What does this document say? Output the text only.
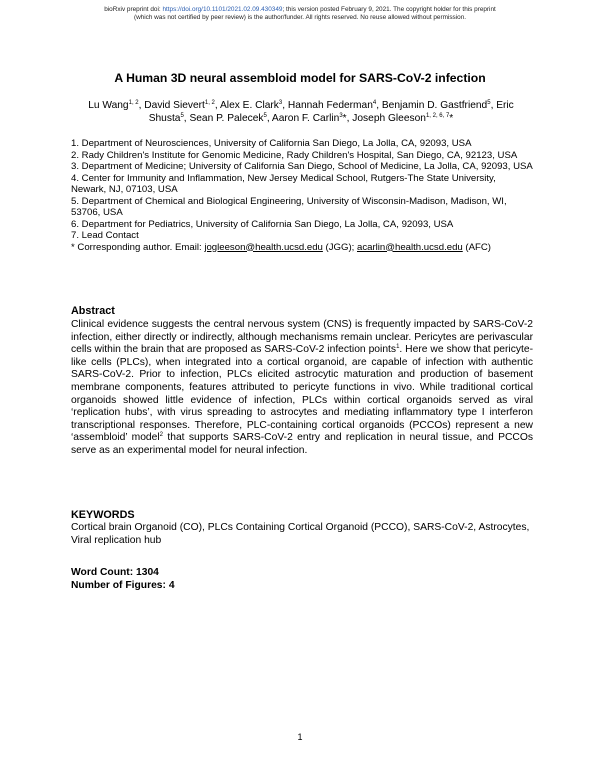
bioRxiv preprint doi: https://doi.org/10.1101/2021.02.09.430349; this version posted February 9, 2021. The copyright holder for this preprint
(which was not certified by peer review) is the author/funder. All rights reserved. No reuse allowed without permission.
A Human 3D neural assembloid model for SARS-CoV-2 infection
Lu Wang$^{1, 2}$, David Sievert$^{1, 2}$, Alex E. Clark$^3$, Hannah Federman$^4$, Benjamin D. Gastfriend$^5$, Eric Shusta$^5$, Sean P. Palecek$^5$, Aaron F. Carlin$^3$*, Joseph Gleeson$^{1, 2, 6, 7}$*

1. Department of Neurosciences, University of California San Diego, La Jolla, CA, 92093, USA

2. Rady Children's Institute for Genomic Medicine, Rady Children's Hospital, San Diego, CA, 92123, USA

3. Department of Medicine; University of California San Diego, School of Medicine, La Jolla, CA, 92093, USA

4. Center for Immunity and Inflammation, New Jersey Medical School, Rutgers-The State University, Newark, NJ, 07103, USA

5. Department of Chemical and Biological Engineering, University of Wisconsin-Madison, Madison, WI, 53706, USA

6. Department for Pediatrics, University of California San Diego, La Jolla, CA, 92093, USA

7. Lead Contact

* Corresponding author. Email: jogleeson@health.ucsd.edu (JGG); acarlin@health.ucsd.edu (AFC)

Abstract

Clinical evidence suggests the central nervous system (CNS) is frequently impacted by SARS-CoV-2 infection, either directly or indirectly, although mechanisms remain unclear. Pericytes are perivascular cells within the brain that are proposed as SARS-CoV-2 infection points$^1$. Here we show that pericyte-like cells (PLCs), when integrated into a cortical organoid, are capable of infection with authentic SARS-CoV-2. Prior to infection, PLCs elicited astrocytic maturation and production of basement membrane components, features attributed to pericyte functions in vivo. While traditional cortical organoids showed little evidence of infection, PLCs within cortical organoids served as viral ‘replication hubs’, with virus spreading to astrocytes and mediating inflammatory type I interferon transcriptional responses. Therefore, PLC-containing cortical organoids (PCCOs) represent a new ‘assembloid’ model$^2$ that supports SARS-CoV-2 entry and replication in neural tissue, and PCCOs serve as an experimental model for neural infection.

KEYWORDS

Cortical brain Organoid (CO), PLCs Containing Cortical Organoid (PCCO), SARS-CoV-2, Astrocytes, Viral replication hub

Word Count: 1304
Number of Figures: 4
1
